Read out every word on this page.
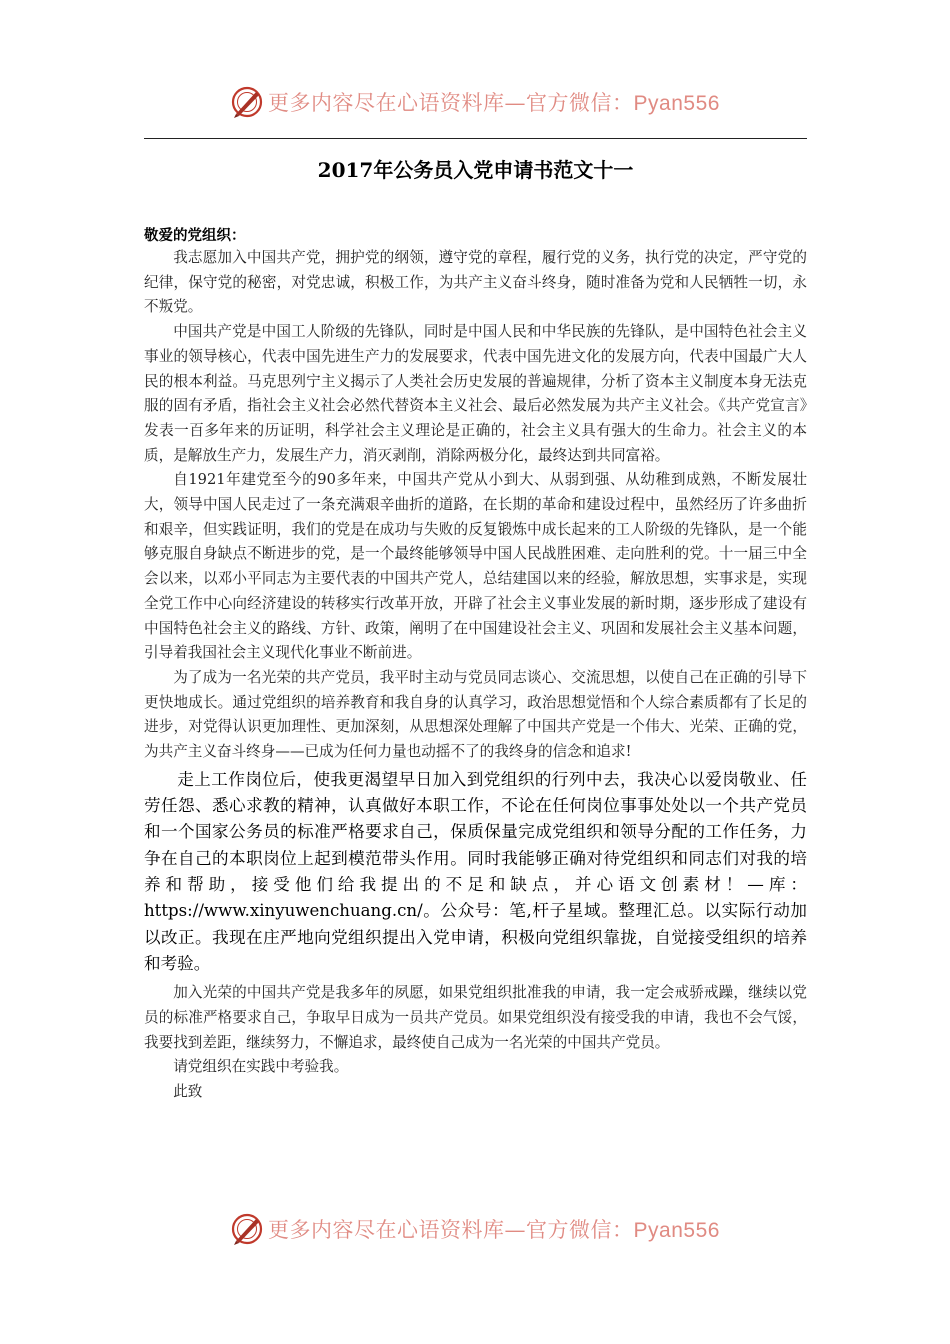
更多内容尽在心语资料库—官方微信：Pyan556
2017年公务员入党申请书范文十一

敬爱的党组织：

我志愿加入中国共产党，拥护党的纲领，遵守党的章程，履行党的义务，执行党的决定，严守党的纪律，保守党的秘密，对党忠诚，积极工作，为共产主义奋斗终身，随时准备为党和人民牺牲一切，永不叛党。

中国共产党是中国工人阶级的先锋队，同时是中国人民和中华民族的先锋队，是中国特色社会主义事业的领导核心，代表中国先进生产力的发展要求，代表中国先进文化的发展方向，代表中国最广大人民的根本利益。马克思列宁主义揭示了人类社会历史发展的普遍规律，分析了资本主义制度本身无法克服的固有矛盾，指社会主义社会必然代替资本主义社会、最后必然发展为共产主义社会。《共产党宣言》发表一百多年来的历证明，科学社会主义理论是正确的，社会主义具有强大的生命力。社会主义的本质，是解放生产力，发展生产力，消灭剥削，消除两极分化，最终达到共同富裕。

自1921年建党至今的90多年来，中国共产党从小到大、从弱到强、从幼稚到成熟，不断发展壮大，领导中国人民走过了一条充满艰辛曲折的道路，在长期的革命和建设过程中，虽然经历了许多曲折和艰辛，但实践证明，我们的党是在成功与失败的反复锻炼中成长起来的工人阶级的先锋队，是一个能够克服自身缺点不断进步的党，是一个最终能够领导中国人民战胜困难、走向胜利的党。十一届三中全会以来，以邓小平同志为主要代表的中国共产党人，总结建国以来的经验，解放思想，实事求是，实现全党工作中心向经济建设的转移实行改革开放，开辟了社会主义事业发展的新时期，逐步形成了建设有中国特色社会主义的路线、方针、政策，阐明了在中国建设社会主义、巩固和发展社会主义基本问题，引导着我国社会主义现代化事业不断前进。

为了成为一名光荣的共产党员，我平时主动与党员同志谈心、交流思想，以使自己在正确的引导下更快地成长。通过党组织的培养教育和我自身的认真学习，政治思想觉悟和个人综合素质都有了长足的进步，对党得认识更加理性、更加深刻，从思想深处理解了中国共产党是一个伟大、光荣、正确的党，为共产主义奋斗终身——已成为任何力量也动摇不了的我终身的信念和追求!

走上工作岗位后，使我更渴望早日加入到党组织的行列中去，我决心以爱岗敬业、任劳任怨、悉心求教的精神，认真做好本职工作，不论在任何岗位事事处处以一个共产党员和一个国家公务员的标准严格要求自己，保质保量完成党组织和领导分配的工作任务，力争在自己的本职岗位上起到模范带头作用。同时我能够正确对待党组织和同志们对我的培养和帮助，接受他们给我提出的不足和缺点，并心语文创素材！—库：https://www.xinyuwenchuang.cn/。公众号：笔,杆子星域。整理汇总。以实际行动加以改正。我现在庄严地向党组织提出入党申请，积极向党组织靠拢，自觉接受组织的培养和考验。

加入光荣的中国共产党是我多年的夙愿，如果党组织批准我的申请，我一定会戒骄戒躁，继续以党员的标准严格要求自己，争取早日成为一员共产党员。如果党组织没有接受我的申请，我也不会气馁，我要找到差距，继续努力，不懈追求，最终使自己成为一名光荣的中国共产党员。

请党组织在实践中考验我。

此致

更多内容尽在心语资料库—官方微信：Pyan556
